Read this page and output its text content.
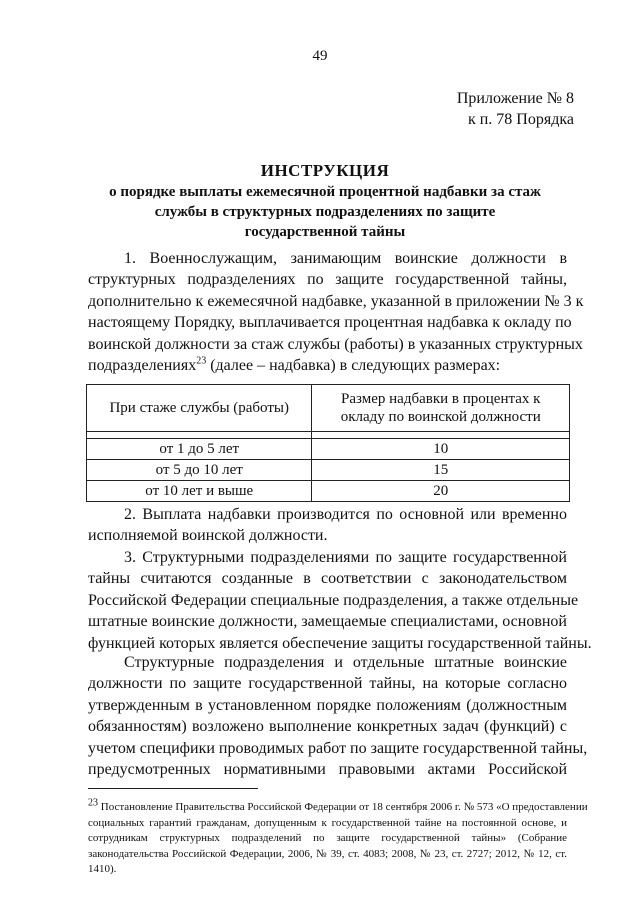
49
Приложение № 8
к п. 78 Порядка
ИНСТРУКЦИЯ
о порядке выплаты ежемесячной процентной надбавки за стаж
службы в структурных подразделениях по защите
государственной тайны
1. Военнослужащим, занимающим воинские должности в
структурных подразделениях по защите государственной тайны,
дополнительно к ежемесячной надбавке, указанной в приложении № 3 к
настоящему Порядку, выплачивается процентная надбавка к окладу по
воинской должности за стаж службы (работы) в указанных структурных
подразделениях$^{23}$ (далее – надбавка) в следующих размерах:
При стаже службы (работы)	Размер надбавки в процентах к окладу по воинской должности

от 1 до 5 лет	10
от 5 до 10 лет	15
от 10 лет и выше	20
2. Выплата надбавки производится по основной или временно
исполняемой воинской должности.
3. Структурными подразделениями по защите государственной
тайны считаются созданные в соответствии с законодательством
Российской Федерации специальные подразделения, а также отдельные
штатные воинские должности, замещаемые специалистами, основной
функцией которых является обеспечение защиты государственной тайны.
Структурные подразделения и отдельные штатные воинские
должности по защите государственной тайны, на которые согласно
утвержденным в установленном порядке положениям (должностным
обязанностям) возложено выполнение конкретных задач (функций) с
учетом специфики проводимых работ по защите государственной тайны,
предусмотренных нормативными правовыми актами Российской
$^{23}$ Постановление Правительства Российской Федерации от 18 сентября 2006 г. № 573 «О предоставлении
социальных гарантий гражданам, допущенным к государственной тайне на постоянной основе, и
сотрудникам структурных подразделений по защите государственной тайны» (Собрание
законодательства Российской Федерации, 2006, № 39, ст. 4083; 2008, № 23, ст. 2727; 2012, № 12, ст.
1410).
